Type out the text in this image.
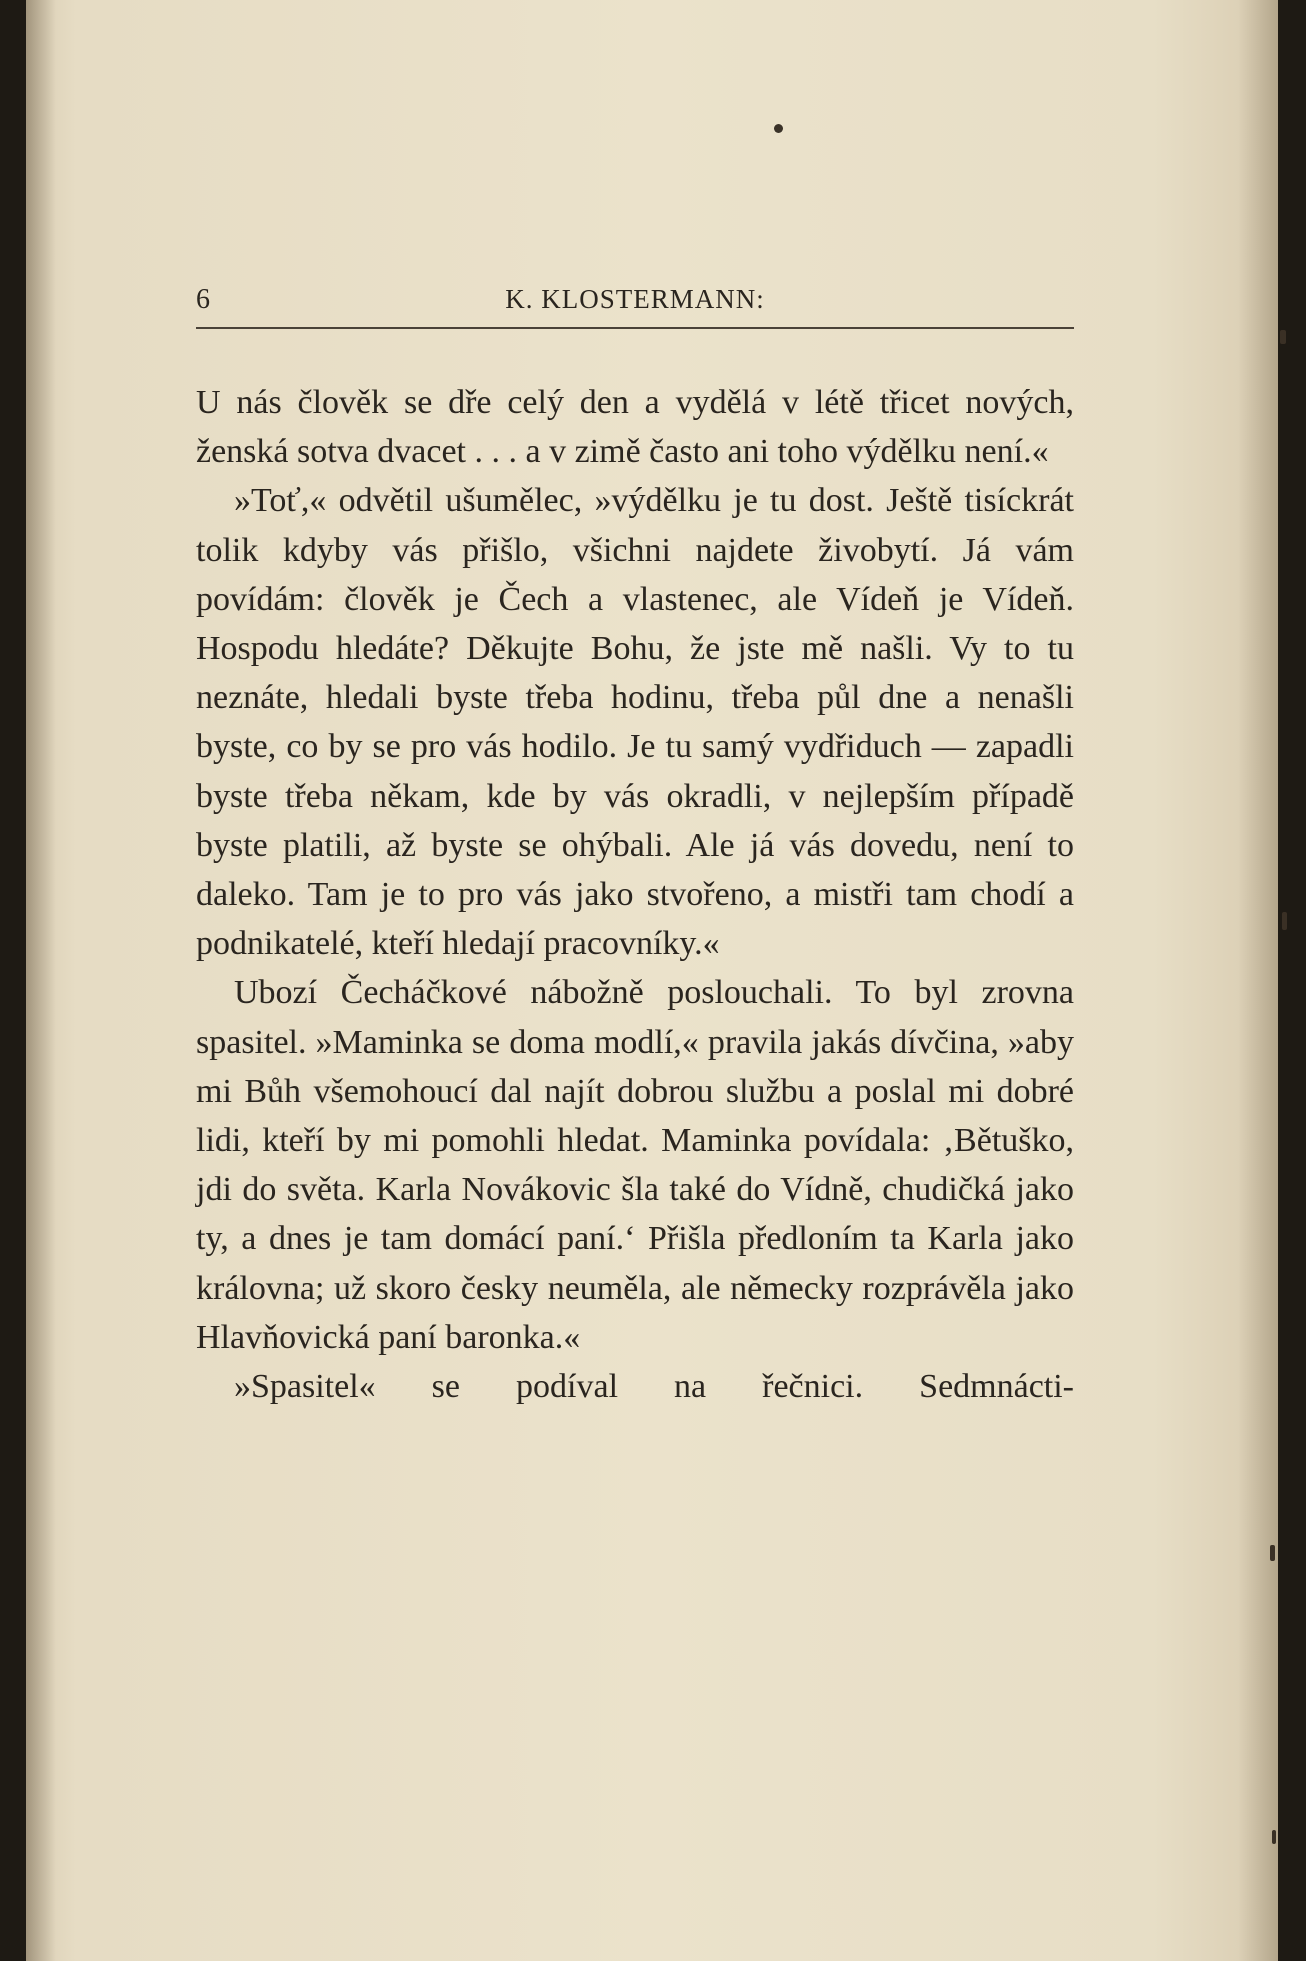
6	K. KLOSTERMANN:

U nás člověk se dře celý den a vydělá v létě třicet nových, ženská sotva dvacet . . . a v zimě často ani toho výdělku není.«

»Toť,« odvětil ušumělec, »výdělku je tu dost. Ještě tisíckrát tolik kdyby vás přišlo, všichni najdete živobytí. Já vám povídám: člověk je Čech a vlastenec, ale Vídeň je Vídeň. Hospodu hledáte? Děkujte Bohu, že jste mě našli. Vy to tu neznáte, hledali byste třeba hodinu, třeba půl dne a nenašli byste, co by se pro vás hodilo. Je tu samý vydřiduch — zapadli byste třeba někam, kde by vás okradli, v nejlepším případě byste platili, až byste se ohýbali. Ale já vás dovedu, není to daleko. Tam je to pro vás jako stvořeno, a mistři tam chodí a podnikatelé, kteří hledají pracovníky.«

Ubozí Čecháčkové nábožně poslouchali. To byl zrovna spasitel. »Maminka se doma modlí,« pravila jakás dívčina, »aby mi Bůh všemohoucí dal najít dobrou službu a poslal mi dobré lidi, kteří by mi pomohli hledat. Maminka povídala: ‚Bětuško, jdi do světa. Karla Novákovic šla také do Vídně, chudičká jako ty, a dnes je tam domácí paní.‘ Přišla předloním ta Karla jako královna; už skoro česky neuměla, ale německy rozprávěla jako Hlavňovická paní baronka.«

»Spasitel« se podíval na řečnici. Sedmnácti-
